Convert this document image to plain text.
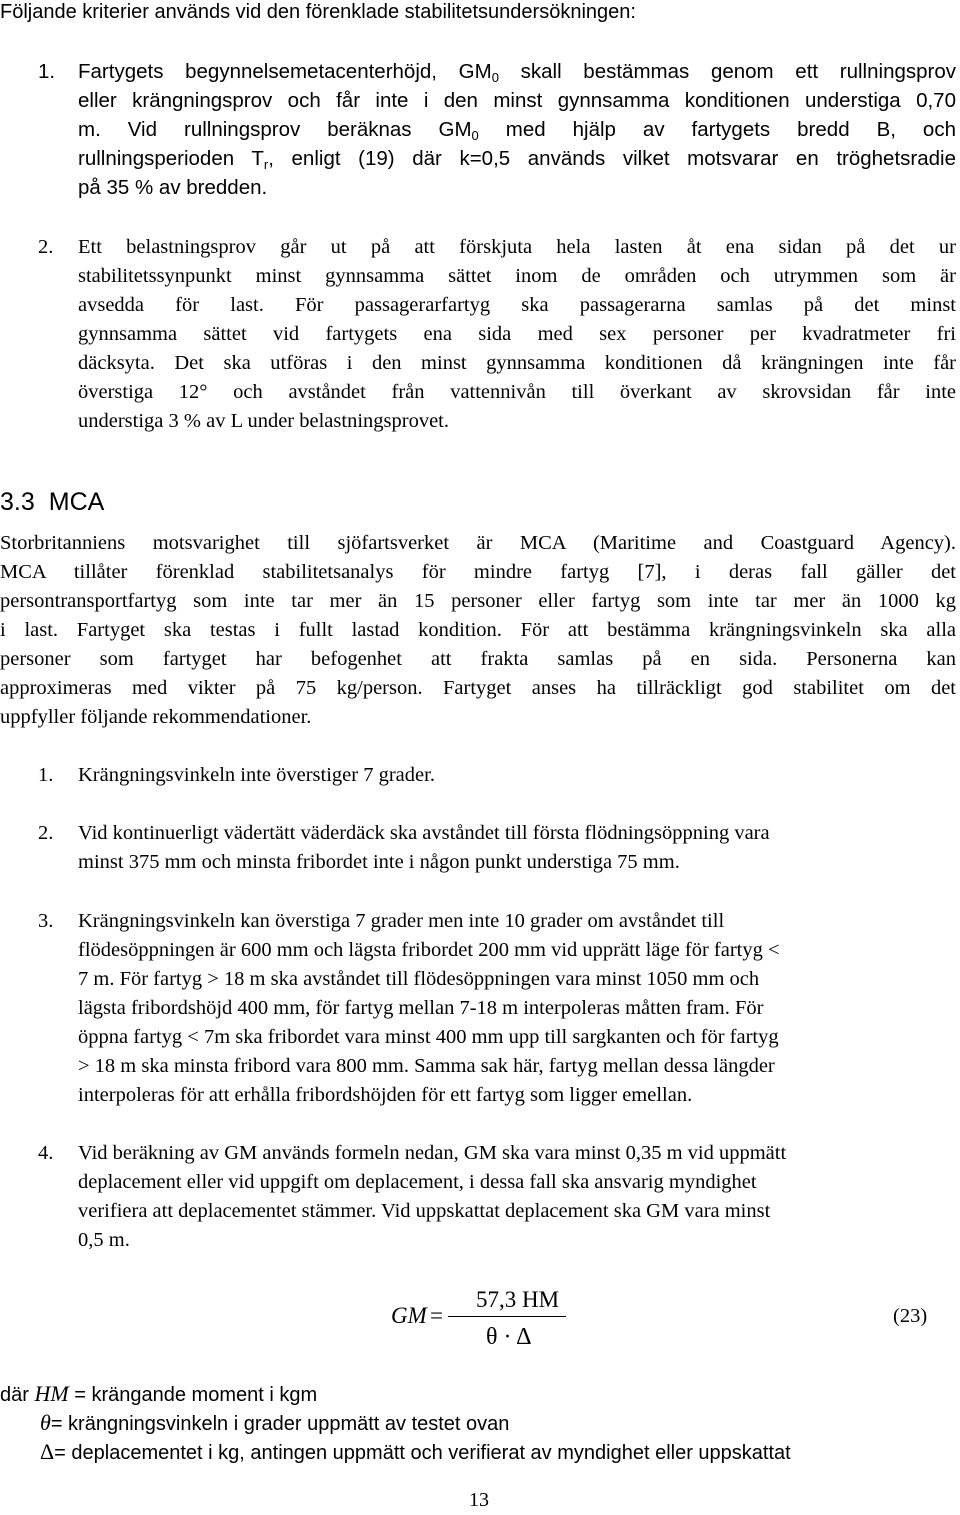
Följande kriterier används vid den förenklade stabilitetsundersökningen:
1. Fartygets begynnelsemetacenterhöjd, $GM_0$ skall bestämmas genom ett rullningsprov
eller krängningsprov och får inte i den minst gynnsamma konditionen understiga 0,70
m. Vid rullningsprov beräknas $GM_0$ med hjälp av fartygets bredd B, och
rullningsperioden $T_r$, enligt (19) där k=0,5 används vilket motsvarar en tröghetsradie
på 35 % av bredden.
2. Ett belastningsprov går ut på att förskjuta hela lasten åt ena sidan på det ur
stabilitetssynpunkt minst gynnsamma sättet inom de områden och utrymmen som är
avsedda för last. För passagerarfartyg ska passagerarna samlas på det minst
gynnsamma sättet vid fartygets ena sida med sex personer per kvadratmeter fri
däcksyta. Det ska utföras i den minst gynnsamma konditionen då krängningen inte får
överstiga 12° och avståndet från vattennivån till överkant av skrovsidan får inte
understiga 3 % av L under belastningsprovet.
3.3 MCA
Storbritanniens motsvarighet till sjöfartsverket är MCA (Maritime and Coastguard Agency).
MCA tillåter förenklad stabilitetsanalys för mindre fartyg [7], i deras fall gäller det
persontransportfartyg som inte tar mer än 15 personer eller fartyg som inte tar mer än 1000 kg
i last. Fartyget ska testas i fullt lastad kondition. För att bestämma krängningsvinkeln ska alla
personer som fartyget har befogenhet att frakta samlas på en sida. Personerna kan
approximeras med vikter på 75 kg/person. Fartyget anses ha tillräckligt god stabilitet om det
uppfyller följande rekommendationer.
1. Krängningsvinkeln inte överstiger 7 grader.
2. Vid kontinuerligt vädertätt väderdäck ska avståndet till första flödningsöppning vara
minst 375 mm och minsta fribordet inte i någon punkt understiga 75 mm.
3. Krängningsvinkeln kan överstiga 7 grader men inte 10 grader om avståndet till
flödesöppningen är 600 mm och lägsta fribordet 200 mm vid upprätt läge för fartyg <
7 m. För fartyg > 18 m ska avståndet till flödesöppningen vara minst 1050 mm och
lägsta fribordshöjd 400 mm, för fartyg mellan 7-18 m interpoleras måtten fram. För
öppna fartyg < 7m ska fribordet vara minst 400 mm upp till sargkanten och för fartyg
> 18 m ska minsta fribord vara 800 mm. Samma sak här, fartyg mellan dessa längder
interpoleras för att erhålla fribordshöjden för ett fartyg som ligger emellan.
4. Vid beräkning av GM används formeln nedan, GM ska vara minst 0,35 m vid uppmätt
deplacement eller vid uppgift om deplacement, i dessa fall ska ansvarig myndighet
verifiera att deplacementet stämmer. Vid uppskattat deplacement ska GM vara minst
0,5 m.
GM =
57,3 HM
θ · Δ
(23)
där HM = krängande moment i kgm
θ= krängningsvinkeln i grader uppmätt av testet ovan
Δ= deplacementet i kg, antingen uppmätt och verifierat av myndighet eller uppskattat
13
